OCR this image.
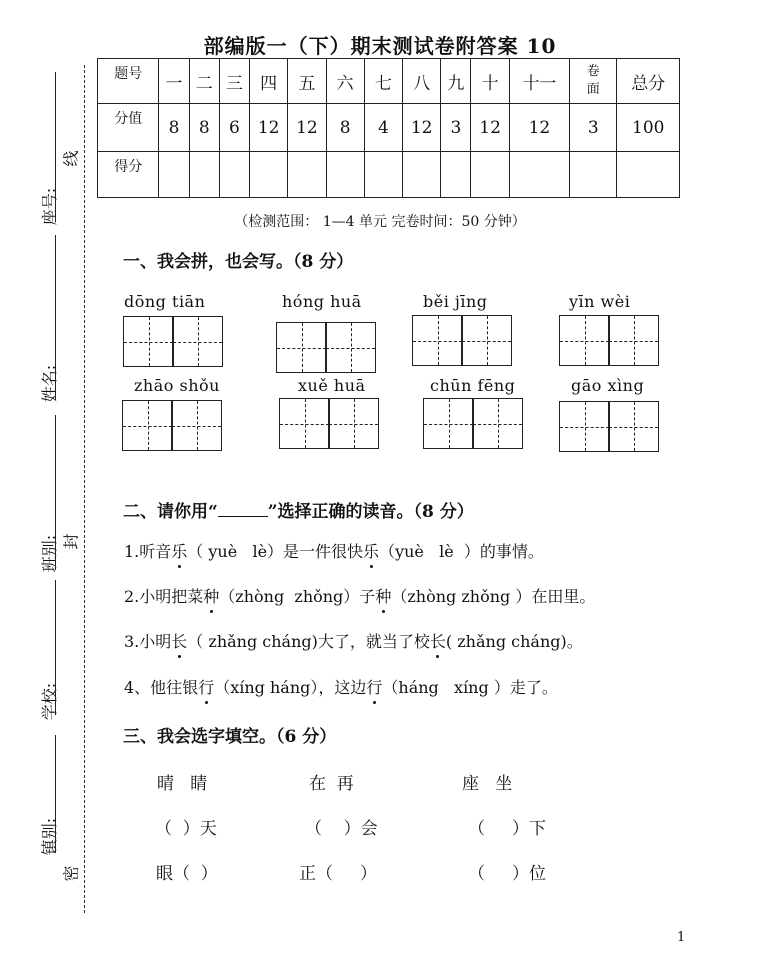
部编版一（下）期末测试卷附答案 10
题号	一	二	三	四	五	六	七	八	九	十	十一	卷面	总分
分值	8	8	6	12	12	8	4	12	3	12	12	3	100
得分													
（检测范围： 1—4 单元 完卷时间：50 分钟）
一、我会拼，也会写。（8 分）
dōng tiān	hóng huā	běi jīng	yīn wèi
zhāo shǒu	xuě huā	chūn fēng	gāo xìng
二、请你用“	”选择正确的读音。（8 分）
1.听音乐（ yuè   lè）是一件很快乐（yuè   lè  ）的事情。
2.小明把菜种（zhòng  zhǒng）子种（zhòng zhǒng ）在田里。
3.小明长（ zhǎng cháng)大了，就当了校长( zhǎng cháng)。
4、他往银行（xíng háng），这边行（háng   xíng ）走了。
三、我会选字填空。（6 分）
晴   睛	在  再	座   坐
（  ）天	（    ）会	（     ）下
眼（  ）	正（     ）	（     ）位
座号:
线
姓名:
班别: 封
学校:
镇别:
密
1
